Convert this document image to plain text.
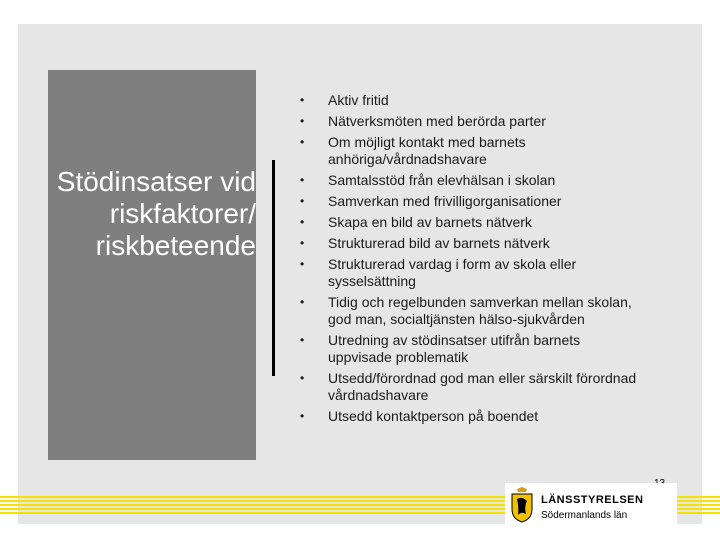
Stödinsatser vid riskfaktorer/ riskbeteende
• Aktiv fritid
• Nätverksmöten med berörda parter
• Om möjligt kontakt med barnets anhöriga/vårdnadshavare
• Samtalsstöd från elevhälsan i skolan
• Samverkan med frivilligorganisationer
• Skapa en bild av barnets nätverk
• Strukturerad bild av barnets nätverk
• Strukturerad vardag i form av skola eller sysselsättning
• Tidig och regelbunden samverkan mellan skolan, god man, socialtjänsten hälso-sjukvården
• Utredning av stödinsatser utifrån barnets uppvisade problematik
• Utsedd/förordnad god man eller särskilt förordnad vårdnadshavare
• Utsedd kontaktperson på boendet
LÄNSSTYRELSEN
Södermanlands län
